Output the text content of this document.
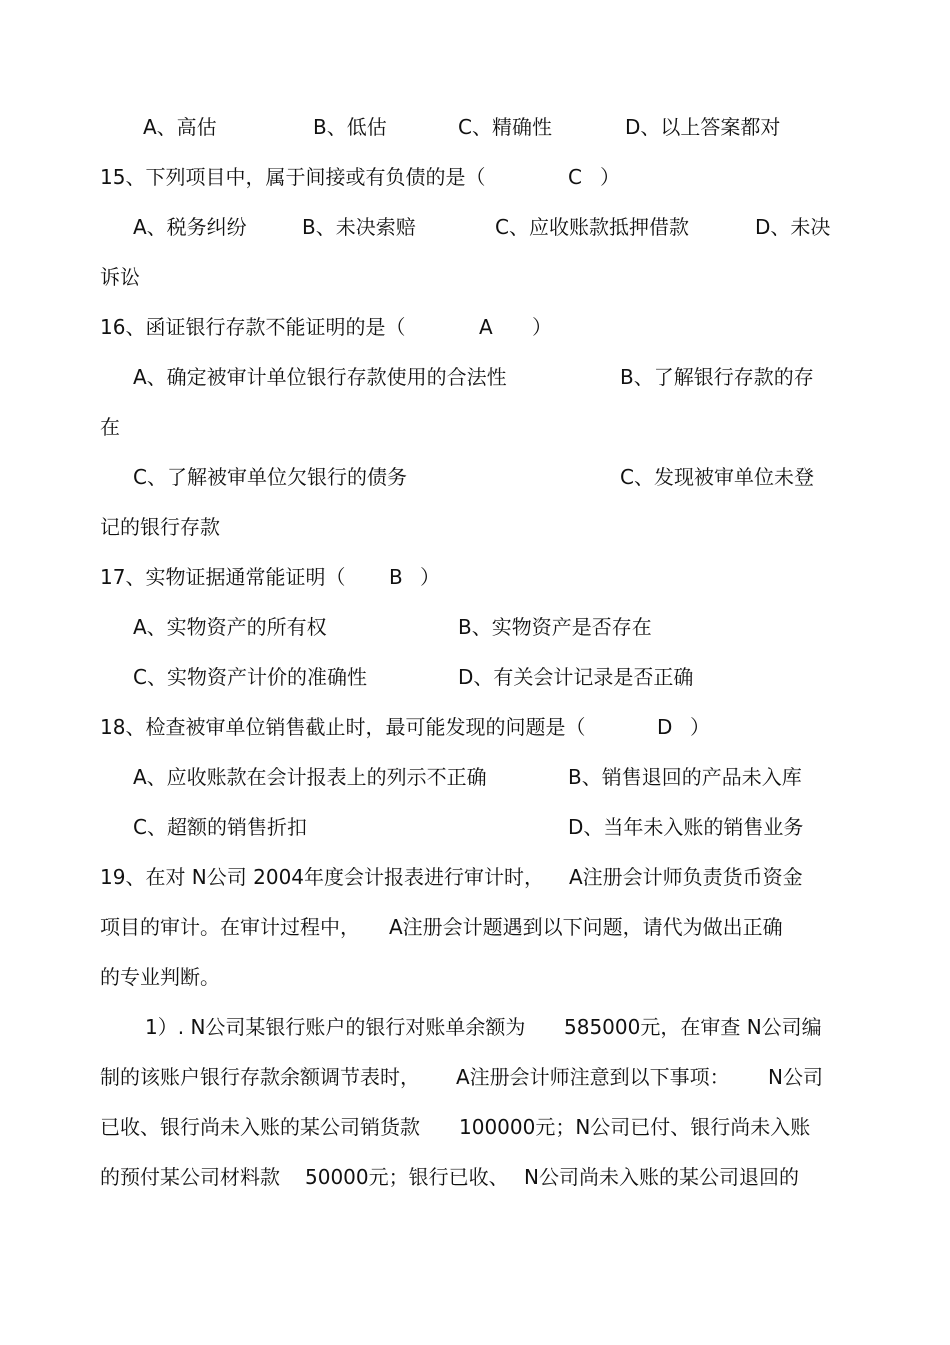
A、高估	B、低估	C、精确性	D、以上答案都对
15、下列项目中，属于间接或有负债的是（	C ）
A、税务纠纷	B、未决索赔	C、应收账款抵押借款	D、未决
诉讼
16、函证银行存款不能证明的是（	A ）
A、确定被审计单位银行存款使用的合法性	B、了解银行存款的存
在
C、了解被审单位欠银行的债务	C、发现被审单位未登
记的银行存款
17、实物证据通常能证明（ B ）
A、实物资产的所有权	B、实物资产是否存在
C、实物资产计价的准确性	D、有关会计记录是否正确
18、检查被审单位销售截止时，最可能发现的问题是（	D ）
A、应收账款在会计报表上的列示不正确	B、销售退回的产品未入库
C、超额的销售折扣	D、当年未入账的销售业务
19、在对 N公司 2004年度会计报表进行审计时， A注册会计师负责货币资金
项目的审计。在审计过程中， A注册会计题遇到以下问题，请代为做出正确
的专业判断。
1）. N公司某银行账户的银行对账单余额为 585000元，在审查 N公司编
制的该账户银行存款余额调节表时， A注册会计师注意到以下事项： N公司
已收、银行尚未入账的某公司销货款 100000元；N公司已付、银行尚未入账
的预付某公司材料款 50000元；银行已收、 N公司尚未入账的某公司退回的
